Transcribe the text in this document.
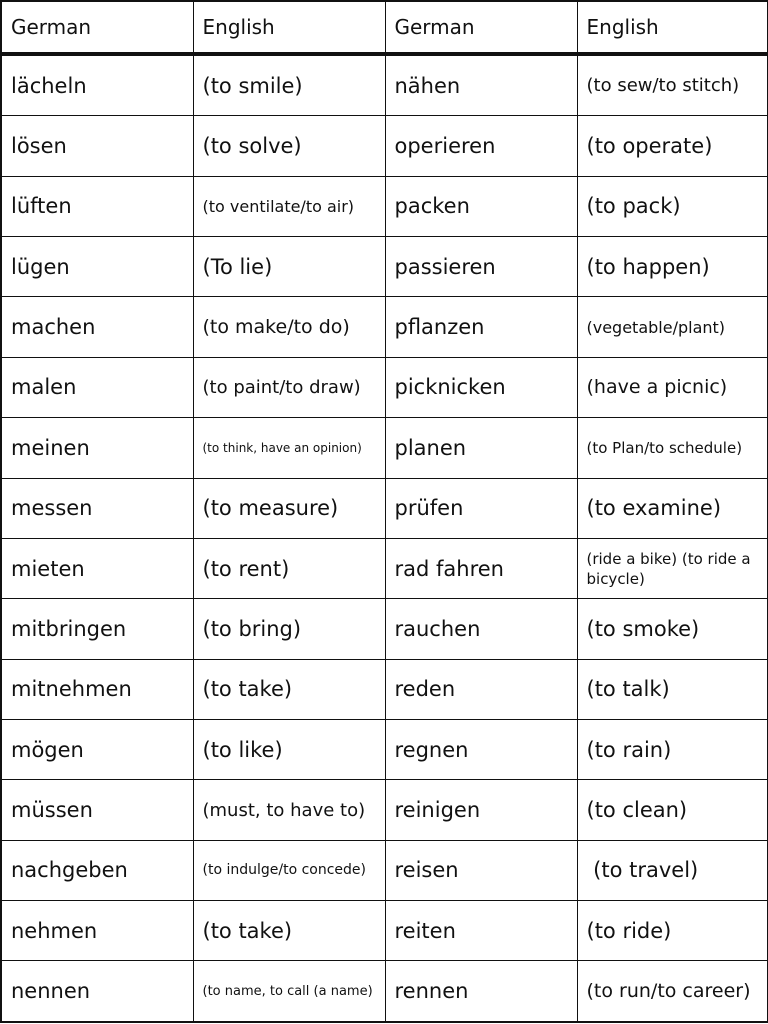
German	English	German	English
lächeln	(to smile)	nähen	(to sew/to stitch)
lösen	(to solve)	operieren	(to operate)
lüften	(to ventilate/to air)	packen	(to pack)
lügen	(To lie)	passieren	(to happen)
machen	(to make/to do)	pflanzen	(vegetable/plant)
malen	(to paint/to draw)	picknicken	(have a picnic)
meinen	(to think, have an opinion)	planen	(to Plan/to schedule)
messen	(to measure)	prüfen	(to examine)
mieten	(to rent)	rad fahren	(ride a bike) (to ride a bicycle)
mitbringen	(to bring)	rauchen	(to smoke)
mitnehmen	(to take)	reden	(to talk)
mögen	(to like)	regnen	(to rain)
müssen	(must, to have to)	reinigen	(to clean)
nachgeben	(to indulge/to concede)	reisen	(to travel)
nehmen	(to take)	reiten	(to ride)
nennen	(to name, to call (a name)	rennen	(to run/to career)
